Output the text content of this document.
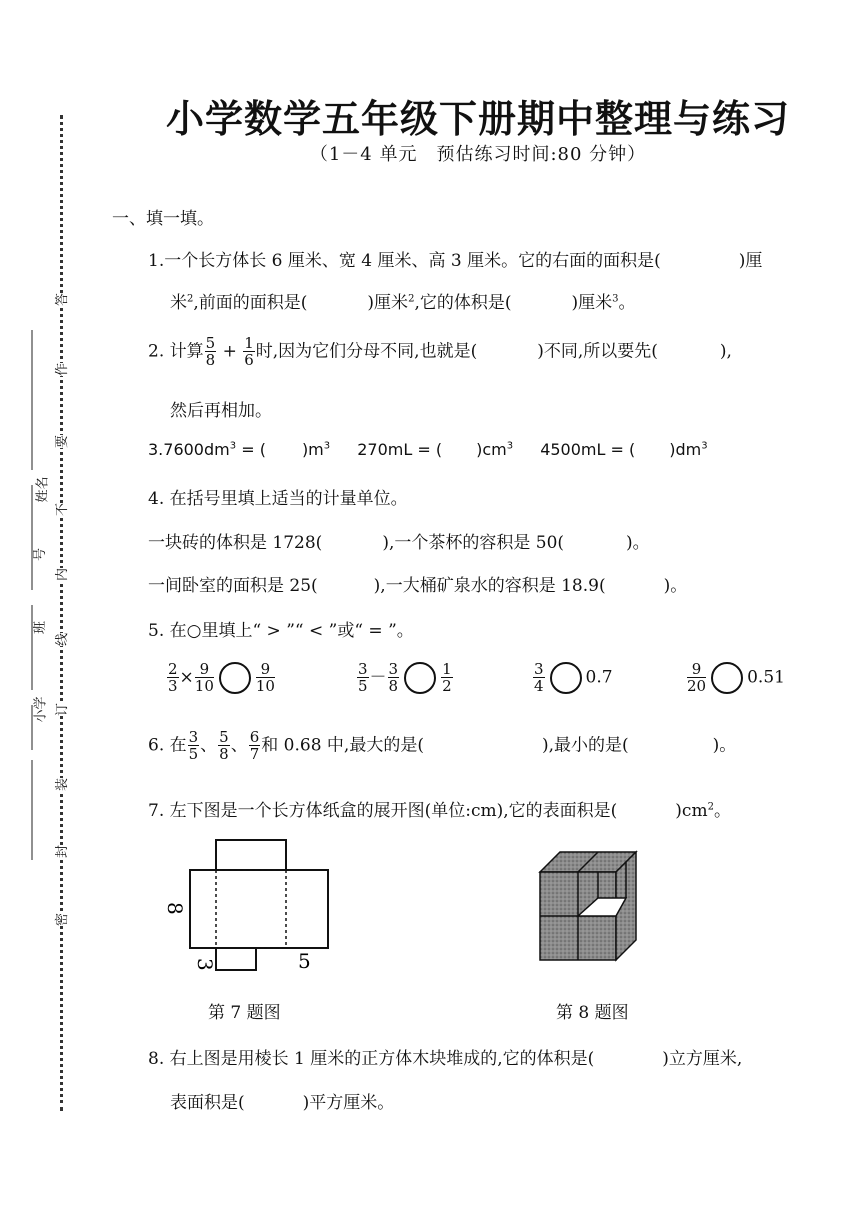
姓名
号
班
小学
答
作
要
不
内
线
订
装
封
密
小学数学五年级下册期中整理与练习
（1－4 单元　预估练习时间:80 分钟）
一、填一填。
1.一个长方体长 6 厘米、宽 4 厘米、高 3 厘米。它的右面的面积是(	)厘
米$^2$,前面的面积是(	)厘米$^2$,它的体积是(	)厘米$^3$。
2. 计算 $\frac{5}{8} + \frac{1}{6}$ 时,因为它们分母不同,也就是(	)不同,所以要先(	),
然后再相加。
$3.7600dm^3$ = ( )$m^3$ 270mL = ( )$cm^3$ 4500mL = ( )$dm^3$
4. 在括号里填上适当的计量单位。
一块砖的体积是 1728(	),一个茶杯的容积是 50(	)。
一间卧室的面积是 25(	),一大桶矿泉水的容积是 18.9(	)。
5. 在○里填上“ > ”“ < ”或“ = ”。
$\frac{2}{3} \times \frac{9}{10}$	$\frac{9}{10}$	$\frac{3}{5} - \frac{3}{8}$	$\frac{1}{2}$	$\frac{3}{4} 0.7$	$\frac{9}{20} 0.51$
6. 在 $\frac{3}{5}$ 、 $\frac{5}{8}$ 、 $\frac{6}{7}$ 和 0.68 中,最大的是(	),最小的是(	)。
7. 左下图是一个长方体纸盒的展开图(单位:cm),它的表面积是(	)$cm^2$。
8
3	5
第 7 题图	第 8 题图
8. 右上图是用棱长 1 厘米的正方体木块堆成的,它的体积是(	)立方厘米,
表面积是(	)平方厘米。
